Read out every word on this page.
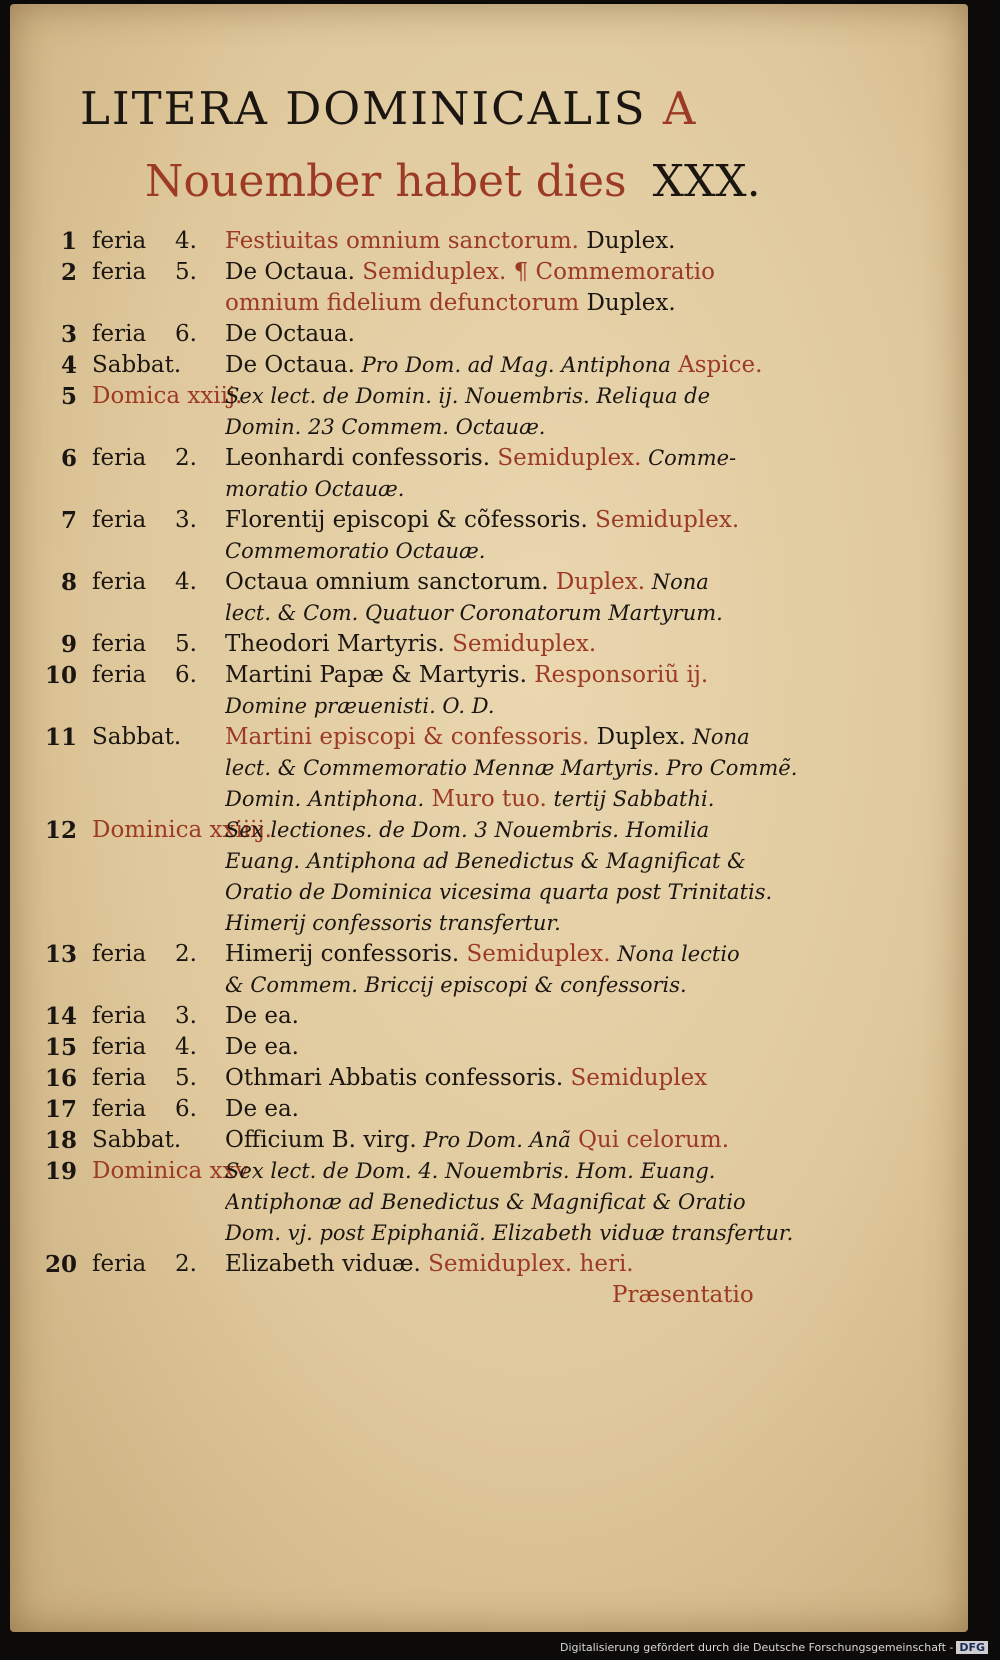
LITERA DOMINICALIS A
Nouember habet dies XXX.
1 feria 4. Festiuitas omnium sanctorum. Duplex.
2 feria 5. De Octaua. Semiduplex. ¶ Commemoratio
omnium fidelium defunctorum Duplex.
3 feria 6. De Octaua.
4 Sabbat. De Octaua. Pro Dom. ad Mag. Antiphona Aspice.
5 Domica xxiij.
Sex lect. de Domin. ij. Nouembris. Reliqua de
Domin. 23 Commem. Octauæ.
6 feria 2. Leonhardi confessoris. Semiduplex. Comme-
moratio Octauæ.
7 feria 3. Florentij episcopi & cõfessoris. Semiduplex.
Commemoratio Octauæ.
8 feria 4. Octaua omnium sanctorum. Duplex. Nona
lect. & Com. Quatuor Coronatorum Martyrum.
9 feria 5. Theodori Martyris. Semiduplex.
10 feria 6. Martini Papæ & Martyris. Responsoriũ ij.
Domine præuenisti. O. D.
11 Sabbat. Martini episcopi & confessoris. Duplex. Nona
lect. & Commemoratio Mennæ Martyris. Pro Commẽ.
Domin. Antiphona. Muro tuo. tertij Sabbathi.
12 Dominica xxiiij.
Sex lectiones. de Dom. 3 Nouembris. Homilia
Euang. Antiphona ad Benedictus & Magnificat &
Oratio de Dominica vicesima quarta post Trinitatis.
Himerij confessoris transfertur.
13 feria 2. Himerij confessoris. Semiduplex. Nona lectio
& Commem. Briccij episcopi & confessoris.
14 feria 3. De ea.
15 feria 4. De ea.
16 feria 5. Othmari Abbatis confessoris. Semiduplex
17 feria 6. De ea.
18 Sabbat. Officium B. virg. Pro Dom. Anã Qui celorum.
19 Dominica xxv
Sex lect. de Dom. 4. Nouembris. Hom. Euang.
Antiphonæ ad Benedictus & Magnificat & Oratio
Dom. vj. post Epiphaniã. Elizabeth viduæ transfertur.
20 feria 2. Elizabeth viduæ. Semiduplex. heri.
Præsentatio
Digitalisierung gefördert durch die Deutsche Forschungsgemeinschaft - DFG
